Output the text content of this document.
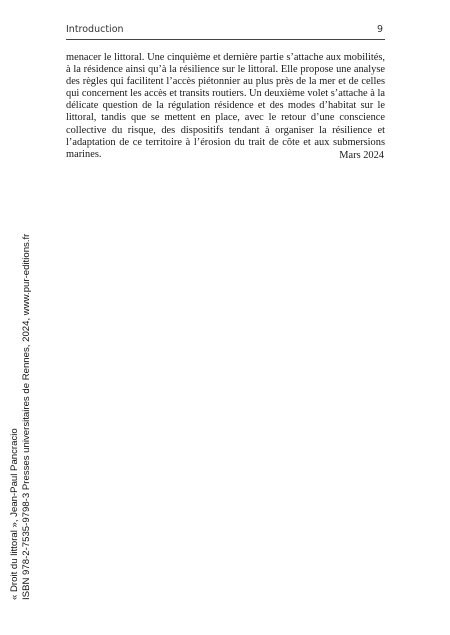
Introduction	9

menacer le littoral. Une cinquième et dernière partie s’attache aux mobilités, à la résidence ainsi qu’à la résilience sur le littoral. Elle propose une analyse des règles qui facilitent l’accès piétonnier au plus près de la mer et de celles qui concernent les accès et transits routiers. Un deuxième volet s’attache à la délicate question de la régulation résidence et des modes d’habitat sur le littoral, tandis que se mettent en place, avec le retour d’une conscience collective du risque, des dispositifs tendant à organiser la résilience et l’adaptation de ce territoire à l’érosion du trait de côte et aux submersions marines.	Mars 2024
« Droit du littoral », Jean-Paul Pancracio ISBN 978-2-7535-9798-3 Presses universitaires de Rennes, 2024, www.pur-editions.fr
